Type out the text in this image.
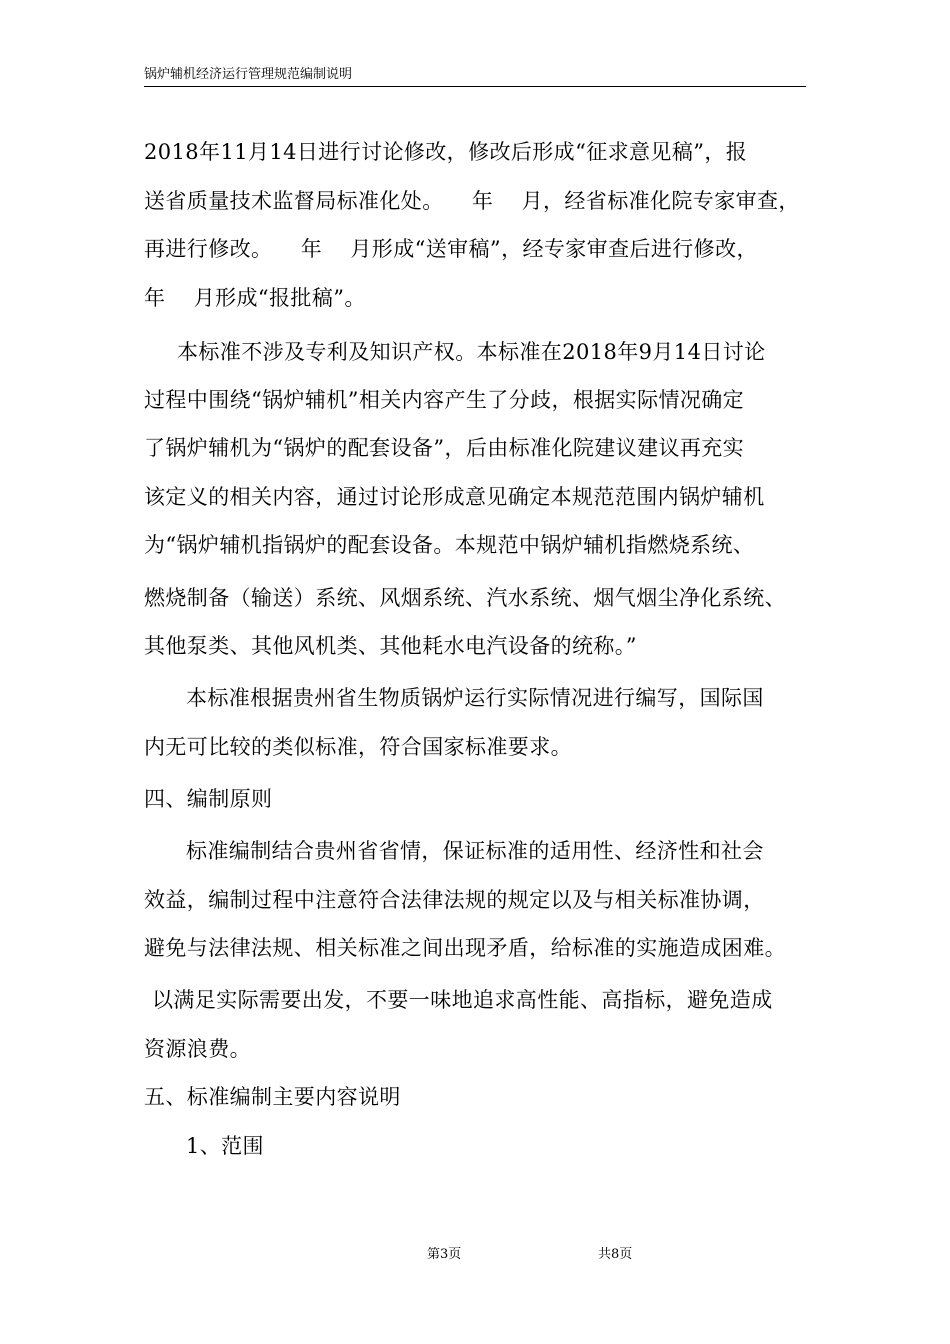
锅炉辅机经济运行管理规范编制说明
2018年11月14日进行讨论修改，修改后形成“征求意见稿”，报
送省质量技术监督局标准化处。    年    月，经省标准化院专家审查，
再进行修改。    年    月形成“送审稿”，经专家审查后进行修改，
年    月形成“报批稿”。
本标准不涉及专利及知识产权。本标准在2018年9月14日讨论
过程中围绕“锅炉辅机”相关内容产生了分歧，根据实际情况确定
了锅炉辅机为“锅炉的配套设备”，后由标准化院建议建议再充实
该定义的相关内容，通过讨论形成意见确定本规范范围内锅炉辅机
为“锅炉辅机指锅炉的配套设备。本规范中锅炉辅机指燃烧系统、
燃烧制备（输送）系统、风烟系统、汽水系统、烟气烟尘净化系统、
其他泵类、其他风机类、其他耗水电汽设备的统称。”
本标准根据贵州省生物质锅炉运行实际情况进行编写，国际国
内无可比较的类似标准，符合国家标准要求。
四、编制原则
标准编制结合贵州省省情，保证标准的适用性、经济性和社会
效益，编制过程中注意符合法律法规的规定以及与相关标准协调，
避免与法律法规、相关标准之间出现矛盾，给标准的实施造成困难。
以满足实际需要出发，不要一味地追求高性能、高指标，避免造成
资源浪费。
五、标准编制主要内容说明
1、范围
第3页	共8页
